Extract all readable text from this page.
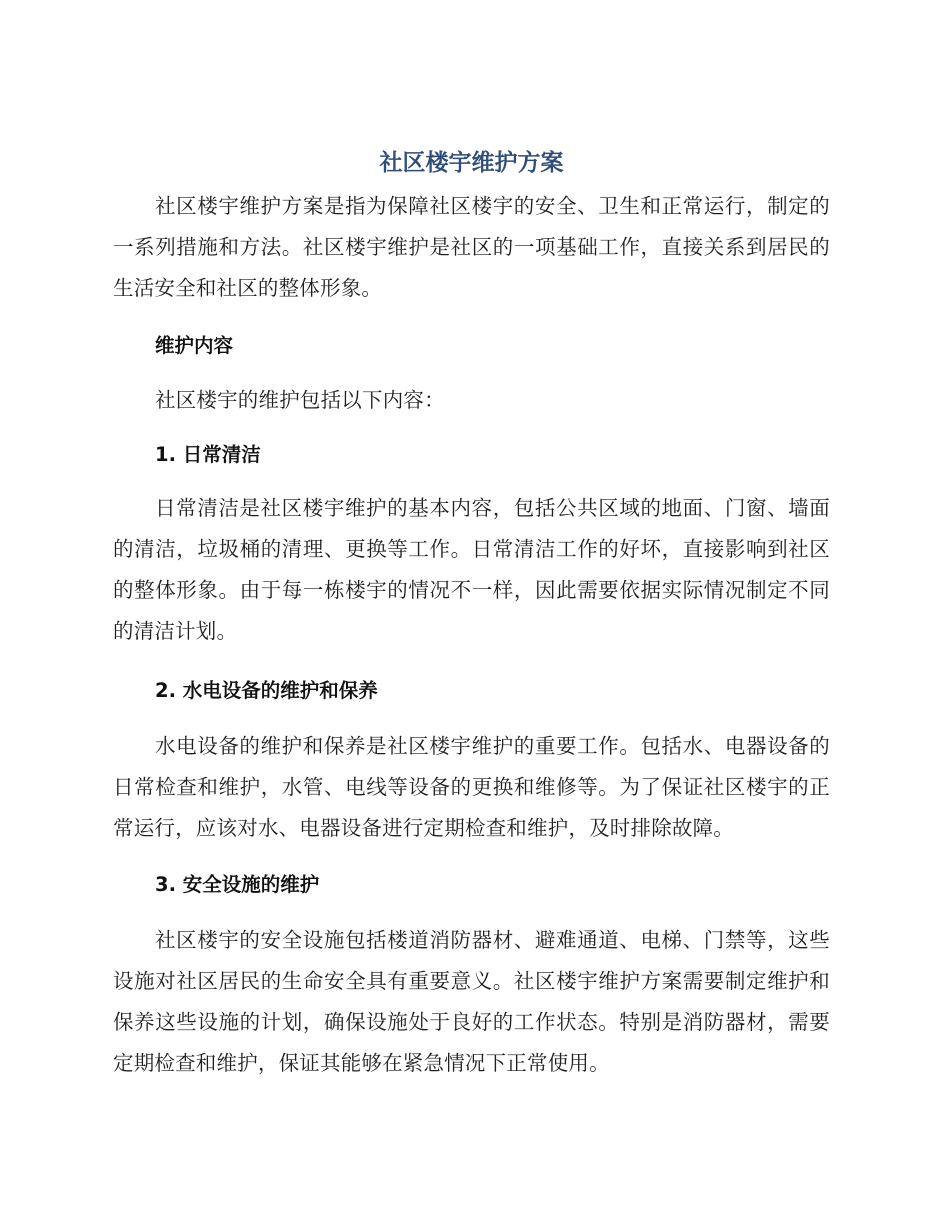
社区楼宇维护方案

社区楼宇维护方案是指为保障社区楼宇的安全、卫生和正常运行，制定的一系列措施和方法。社区楼宇维护是社区的一项基础工作，直接关系到居民的生活安全和社区的整体形象。

维护内容

社区楼宇的维护包括以下内容：

1. 日常清洁

日常清洁是社区楼宇维护的基本内容，包括公共区域的地面、门窗、墙面的清洁，垃圾桶的清理、更换等工作。日常清洁工作的好坏，直接影响到社区的整体形象。由于每一栋楼宇的情况不一样，因此需要依据实际情况制定不同的清洁计划。

2. 水电设备的维护和保养

水电设备的维护和保养是社区楼宇维护的重要工作。包括水、电器设备的日常检查和维护，水管、电线等设备的更换和维修等。为了保证社区楼宇的正常运行，应该对水、电器设备进行定期检查和维护，及时排除故障。

3. 安全设施的维护

社区楼宇的安全设施包括楼道消防器材、避难通道、电梯、门禁等，这些设施对社区居民的生命安全具有重要意义。社区楼宇维护方案需要制定维护和保养这些设施的计划，确保设施处于良好的工作状态。特别是消防器材，需要定期检查和维护，保证其能够在紧急情况下正常使用。
